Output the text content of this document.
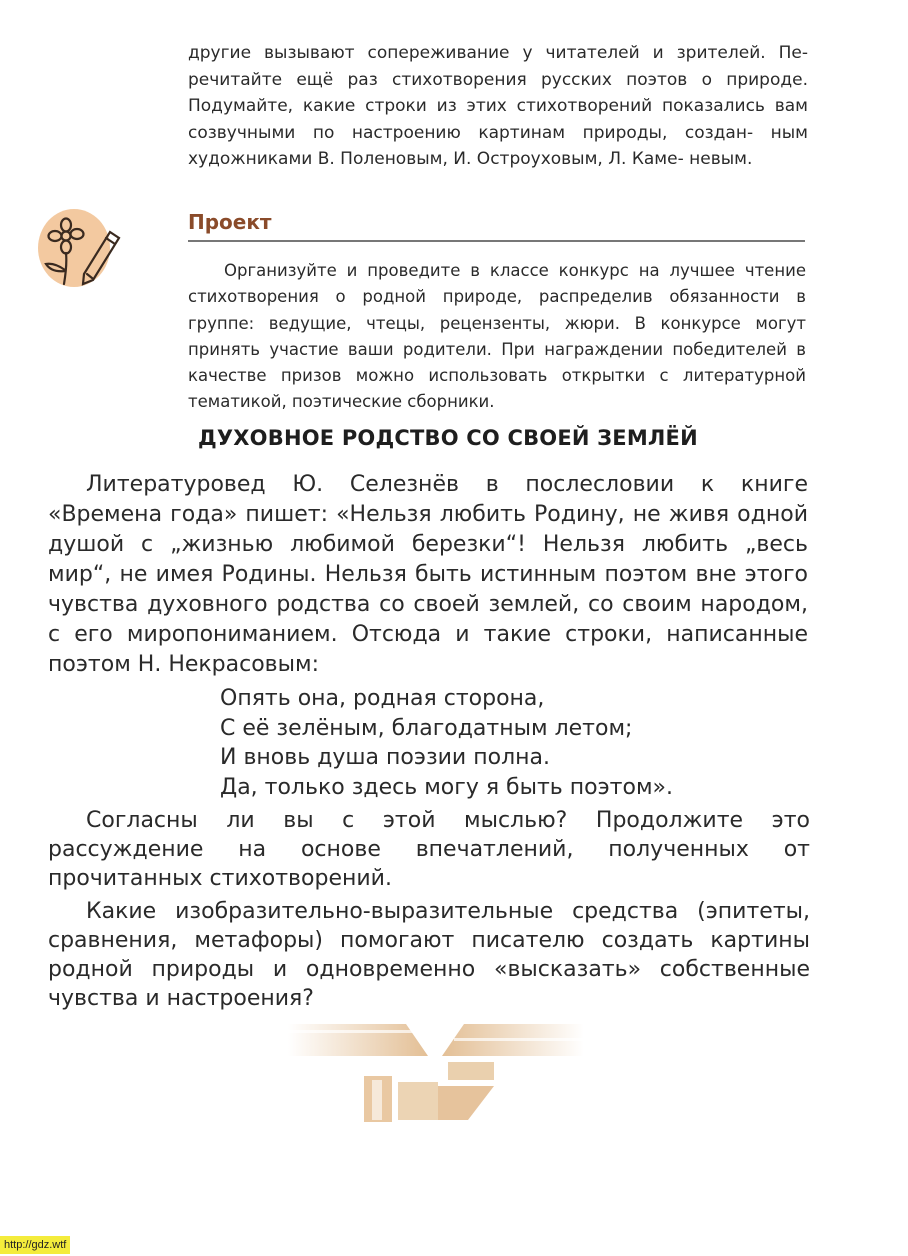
другие вызывают сопереживание у читателей и зрителей. Пе- речитайте ещё раз стихотворения русских поэтов о природе. Подумайте, какие строки из этих стихотворений показались вам созвучными по настроению картинам природы, создан- ным художниками В. Поленовым, И. Остроуховым, Л. Каме- невым.

Проект

Организуйте и проведите в классе конкурс на лучшее чтение стихотворения о родной природе, распределив обязанности в группе: ведущие, чтецы, рецензенты, жюри. В конкурсе могут принять участие ваши родители. При награждении победителей в качестве призов можно использовать открытки с литературной тематикой, поэтические сборники.

ДУХОВНОЕ РОДСТВО СО СВОЕЙ ЗЕМЛЁЙ

Литературовед Ю. Селезнёв в послесловии к книге «Времена года» пишет: «Нельзя любить Родину, не живя одной душой с „жизнью любимой березки“! Нельзя любить „весь мир“, не имея Родины. Нельзя быть истинным поэтом вне этого чувства духовного родства со своей землей, со своим народом, с его миропониманием. Отсюда и такие строки, написанные поэтом Н. Некрасовым:

Опять она, родная сторона,
С её зелёным, благодатным летом;
И вновь душа поэзии полна.
Да, только здесь могу я быть поэтом».

Согласны ли вы с этой мыслью? Продолжите это рассуждение на основе впечатлений, полученных от прочитанных стихотворений.

Какие изобразительно-выразительные средства (эпитеты, сравнения, метафоры) помогают писателю создать картины родной природы и одновременно «высказать» собственные чувства и настроения?

http://gdz.wtf
